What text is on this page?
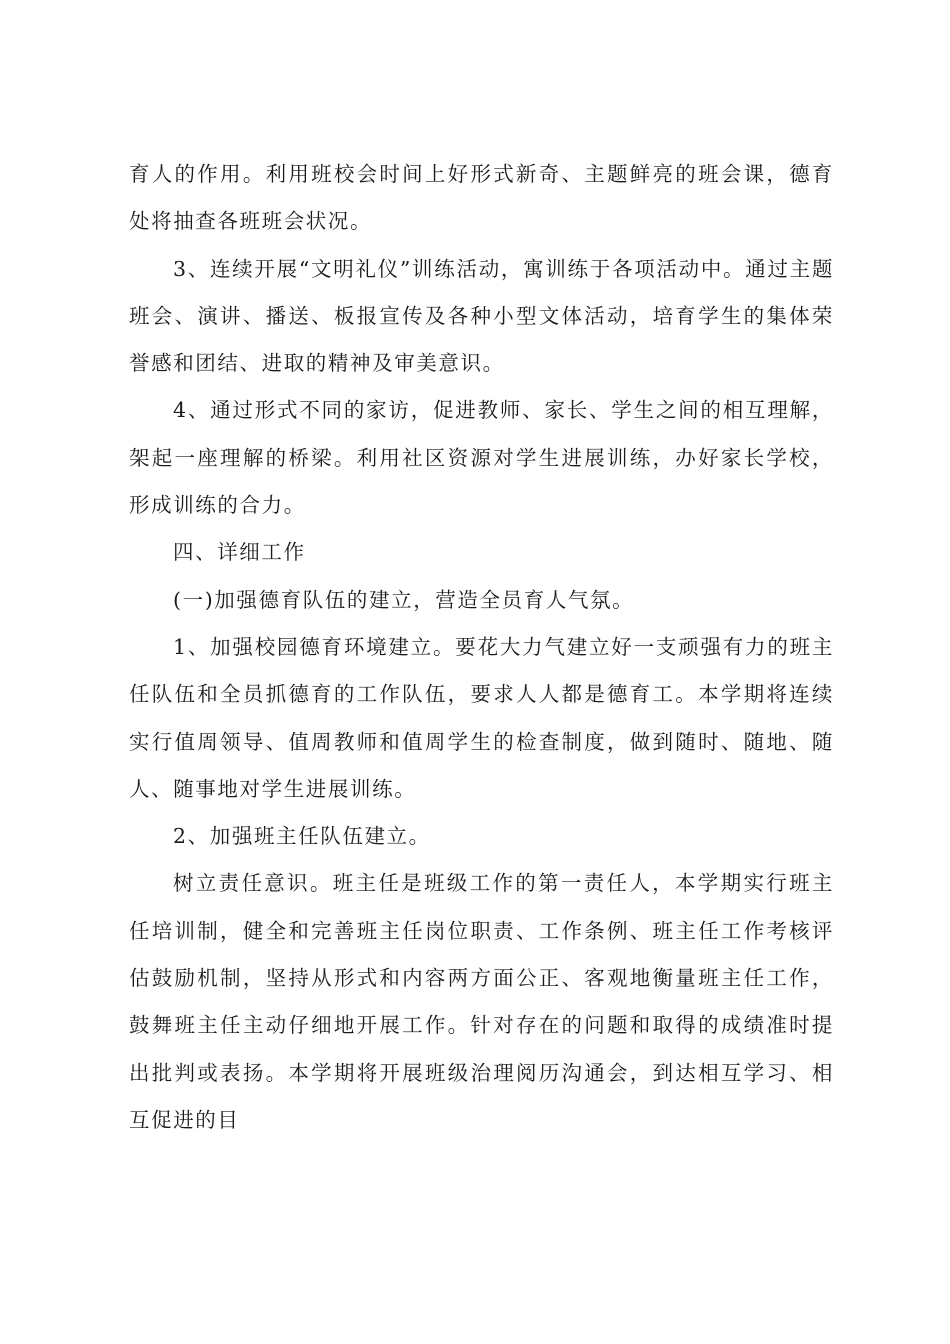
育人的作用。利用班校会时间上好形式新奇、主题鲜亮的班会课，德育处将抽查各班班会状况。

3、连续开展“文明礼仪”训练活动，寓训练于各项活动中。通过主题班会、演讲、播送、板报宣传及各种小型文体活动，培育学生的集体荣誉感和团结、进取的精神及审美意识。

4、通过形式不同的家访，促进教师、家长、学生之间的相互理解，架起一座理解的桥梁。利用社区资源对学生进展训练，办好家长学校，形成训练的合力。

四、详细工作

(一)加强德育队伍的建立，营造全员育人气氛。

1、加强校园德育环境建立。要花大力气建立好一支顽强有力的班主任队伍和全员抓德育的工作队伍，要求人人都是德育工。本学期将连续实行值周领导、值周教师和值周学生的检查制度，做到随时、随地、随人、随事地对学生进展训练。

2、加强班主任队伍建立。

树立责任意识。班主任是班级工作的第一责任人，本学期实行班主任培训制，健全和完善班主任岗位职责、工作条例、班主任工作考核评估鼓励机制，坚持从形式和内容两方面公正、客观地衡量班主任工作，鼓舞班主任主动仔细地开展工作。针对存在的问题和取得的成绩准时提出批判或表扬。本学期将开展班级治理阅历沟通会，到达相互学习、相互促进的目
